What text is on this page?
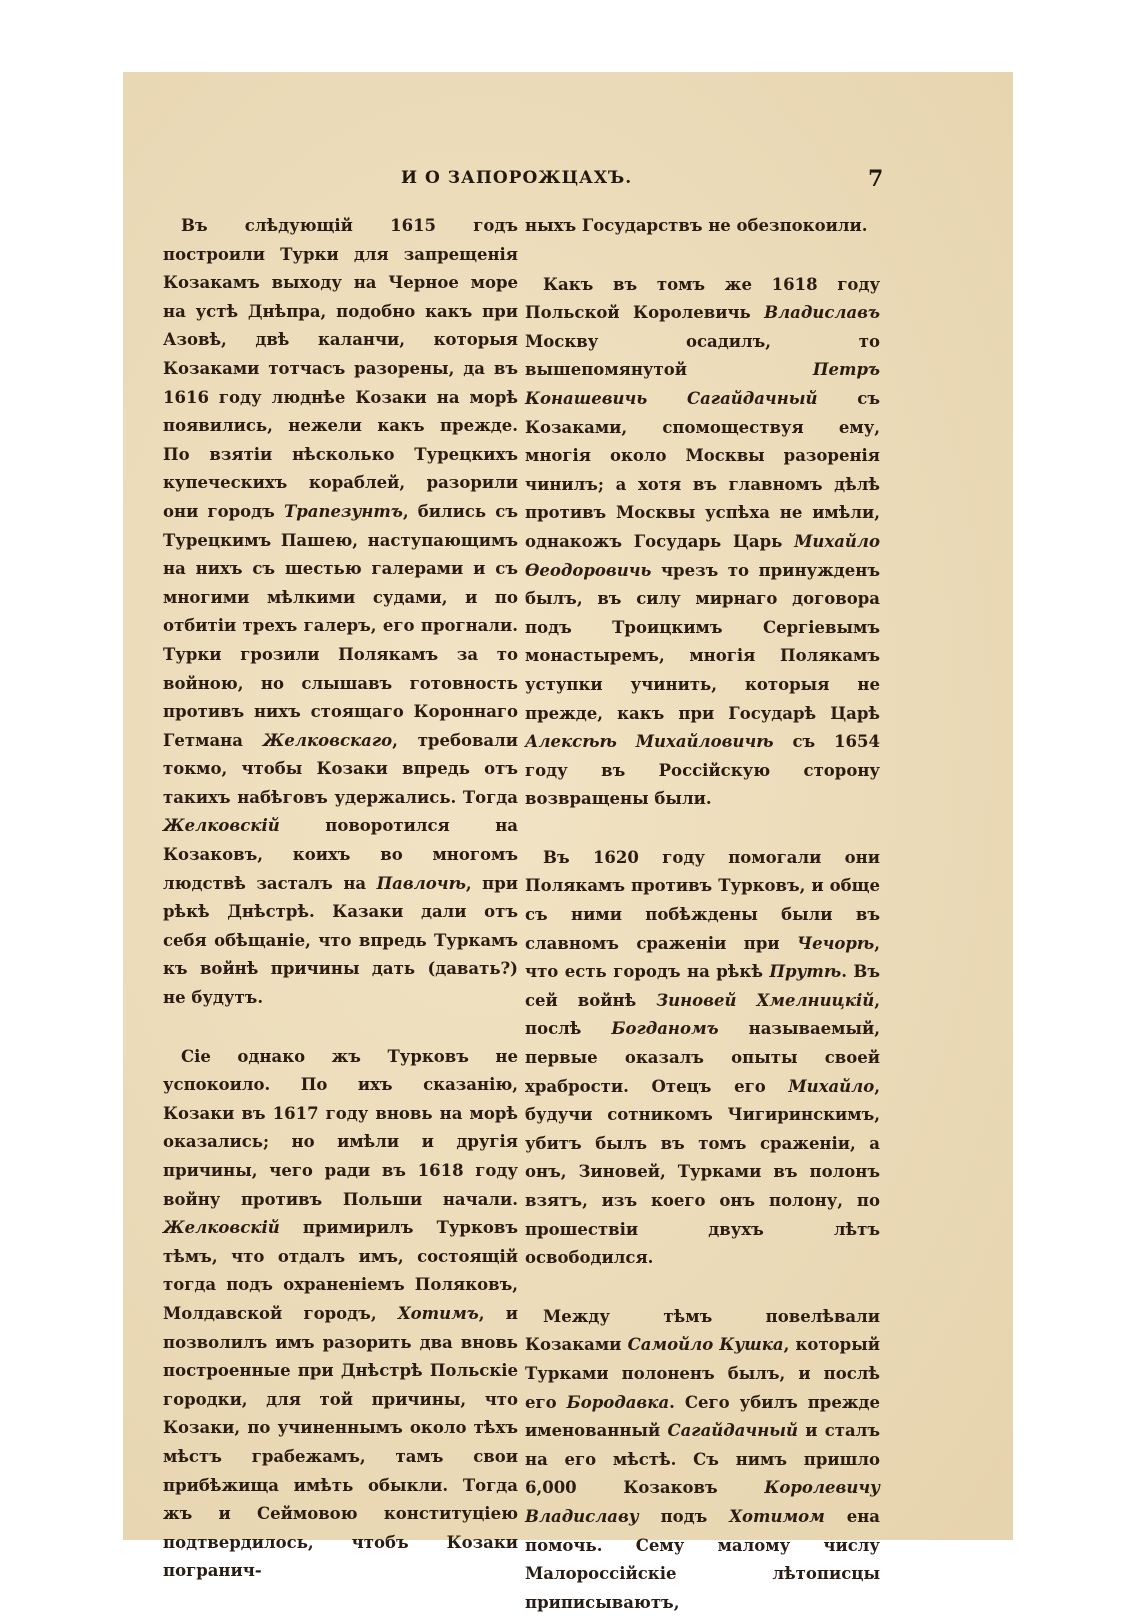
И О ЗАПОРОЖЦАХЪ.	7

Въ слѣдующій 1615 годъ построили Турки для запрещенія Козакамъ выходу на Черное море на устѣ Днѣпра, подобно какъ при Азовѣ, двѣ каланчи, которыя Козаками тотчасъ разорены, да въ 1616 году люднѣе Козаки на морѣ появились, нежели какъ прежде. По взятіи нѣсколько Турецкихъ купеческихъ кораблей, разорили они городъ Трапезунтъ, бились съ Турецкимъ Пашею, наступающимъ на нихъ съ шестью галерами и съ многими мѣлкими судами, и по отбитіи трехъ галеръ, его прогнали. Турки грозили Полякамъ за то войною, но слышавъ готовность противъ нихъ стоящаго Короннаго Гетмана Желковскаго, требовали токмо, чтобы Козаки впредь отъ такихъ набѣговъ удержались. Тогда Желковскій поворотился на Козаковъ, коихъ во многомъ людствѣ засталъ на Павлочѣ, при рѣкѣ Днѣстрѣ. Казаки дали отъ себя обѣщаніе, что впредь Туркамъ къ войнѣ причины дать (давать?) не будутъ.

Сіе однако жъ Турковъ не успокоило. По ихъ сказанію, Козаки въ 1617 году вновь на морѣ оказались; но имѣли и другія причины, чего ради въ 1618 году войну противъ Польши начали. Желковскій примирилъ Турковъ тѣмъ, что отдалъ имъ, состоящій тогда подъ охраненіемъ Поляковъ, Молдавской городъ, Хотимъ, и позволилъ имъ разорить два вновь построенные при Днѣстрѣ Польскіе городки, для той причины, что Козаки, по учиненнымъ около тѣхъ мѣстъ грабежамъ, тамъ свои прибѣжища имѣть обыкли. Тогда жъ и Сеймовою конституціею подтвердилось, чтобъ Козаки погранич-

ныхъ Государствъ не обезпокоили.

Какъ въ томъ же 1618 году Польской Королевичь Владиславъ Москву осадилъ, то вышепомянутой Петръ Конашевичь Сагайдачный съ Козаками, спомоществуя ему, многія около Москвы разоренія чинилъ; а хотя въ главномъ дѣлѣ противъ Москвы успѣха не имѣли, однакожъ Государь Царь Михайло Ѳеодоровичь чрезъ то принужденъ былъ, въ силу мирнаго договора подъ Троицкимъ Сергіевымъ монастыремъ, многія Полякамъ уступки учинить, которыя не прежде, какъ при Государѣ Царѣ Алексѣѣ Михайловичѣ съ 1654 году въ Россійскую сторону возвращены были.

Въ 1620 году помогали они Полякамъ противъ Турковъ, и обще съ ними побѣждены были въ славномъ сраженіи при Чечорѣ, что есть городъ на рѣкѣ Прутѣ. Въ сей войнѣ Зиновей Хмелницкій, послѣ Богданомъ называемый, первые оказалъ опыты своей храбрости. Отецъ его Михайло, будучи сотникомъ Чигиринскимъ, убитъ былъ въ томъ сраженіи, а онъ, Зиновей, Турками въ полонъ взятъ, изъ коего онъ полону, по прошествіи двухъ лѣтъ освободился.

Между тѣмъ повелѣвали Козаками Самойло Кушка, который Турками полоненъ былъ, и послѣ его Бородавка. Сего убилъ прежде именованный Сагайдачный и сталъ на его мѣстѣ. Съ нимъ пришло 6,000 Козаковъ Королевичу Владиславу подъ Хотимом ена помочь. Сему малому числу Малороссійскіе лѣтописцы приписываютъ,
